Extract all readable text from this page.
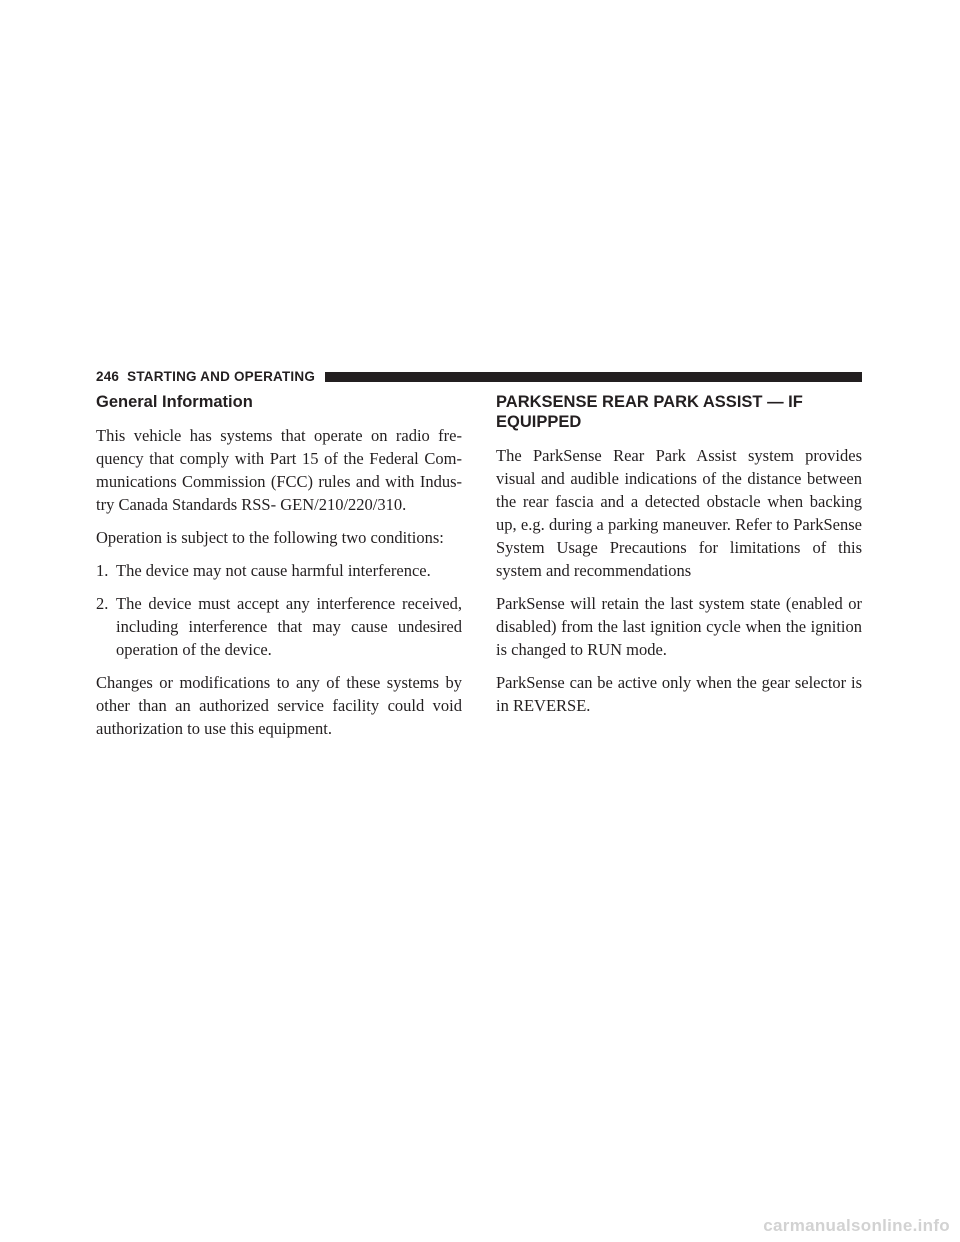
246 STARTING AND OPERATING
General Information

This vehicle has systems that operate on radio fre-quency that comply with Part 15 of the Federal Com-munications Commission (FCC) rules and with Indus-try Canada Standards RSS- GEN/210/220/310.

Operation is subject to the following two conditions:

1. The device may not cause harmful interference.
2. The device must accept any interference received, including interference that may cause undesired operation of the device.

Changes or modifications to any of these systems by other than an authorized service facility could void authorization to use this equipment.

PARKSENSE REAR PARK ASSIST — IF EQUIPPED

The ParkSense Rear Park Assist system provides visual and audible indications of the distance between the rear fascia and a detected obstacle when backing up, e.g. during a parking maneuver. Refer to ParkSense System Usage Precautions for limitations of this system and recommendations

ParkSense will retain the last system state (enabled or disabled) from the last ignition cycle when the ignition is changed to RUN mode.

ParkSense can be active only when the gear selector is in REVERSE.

carmanualsonline.info
